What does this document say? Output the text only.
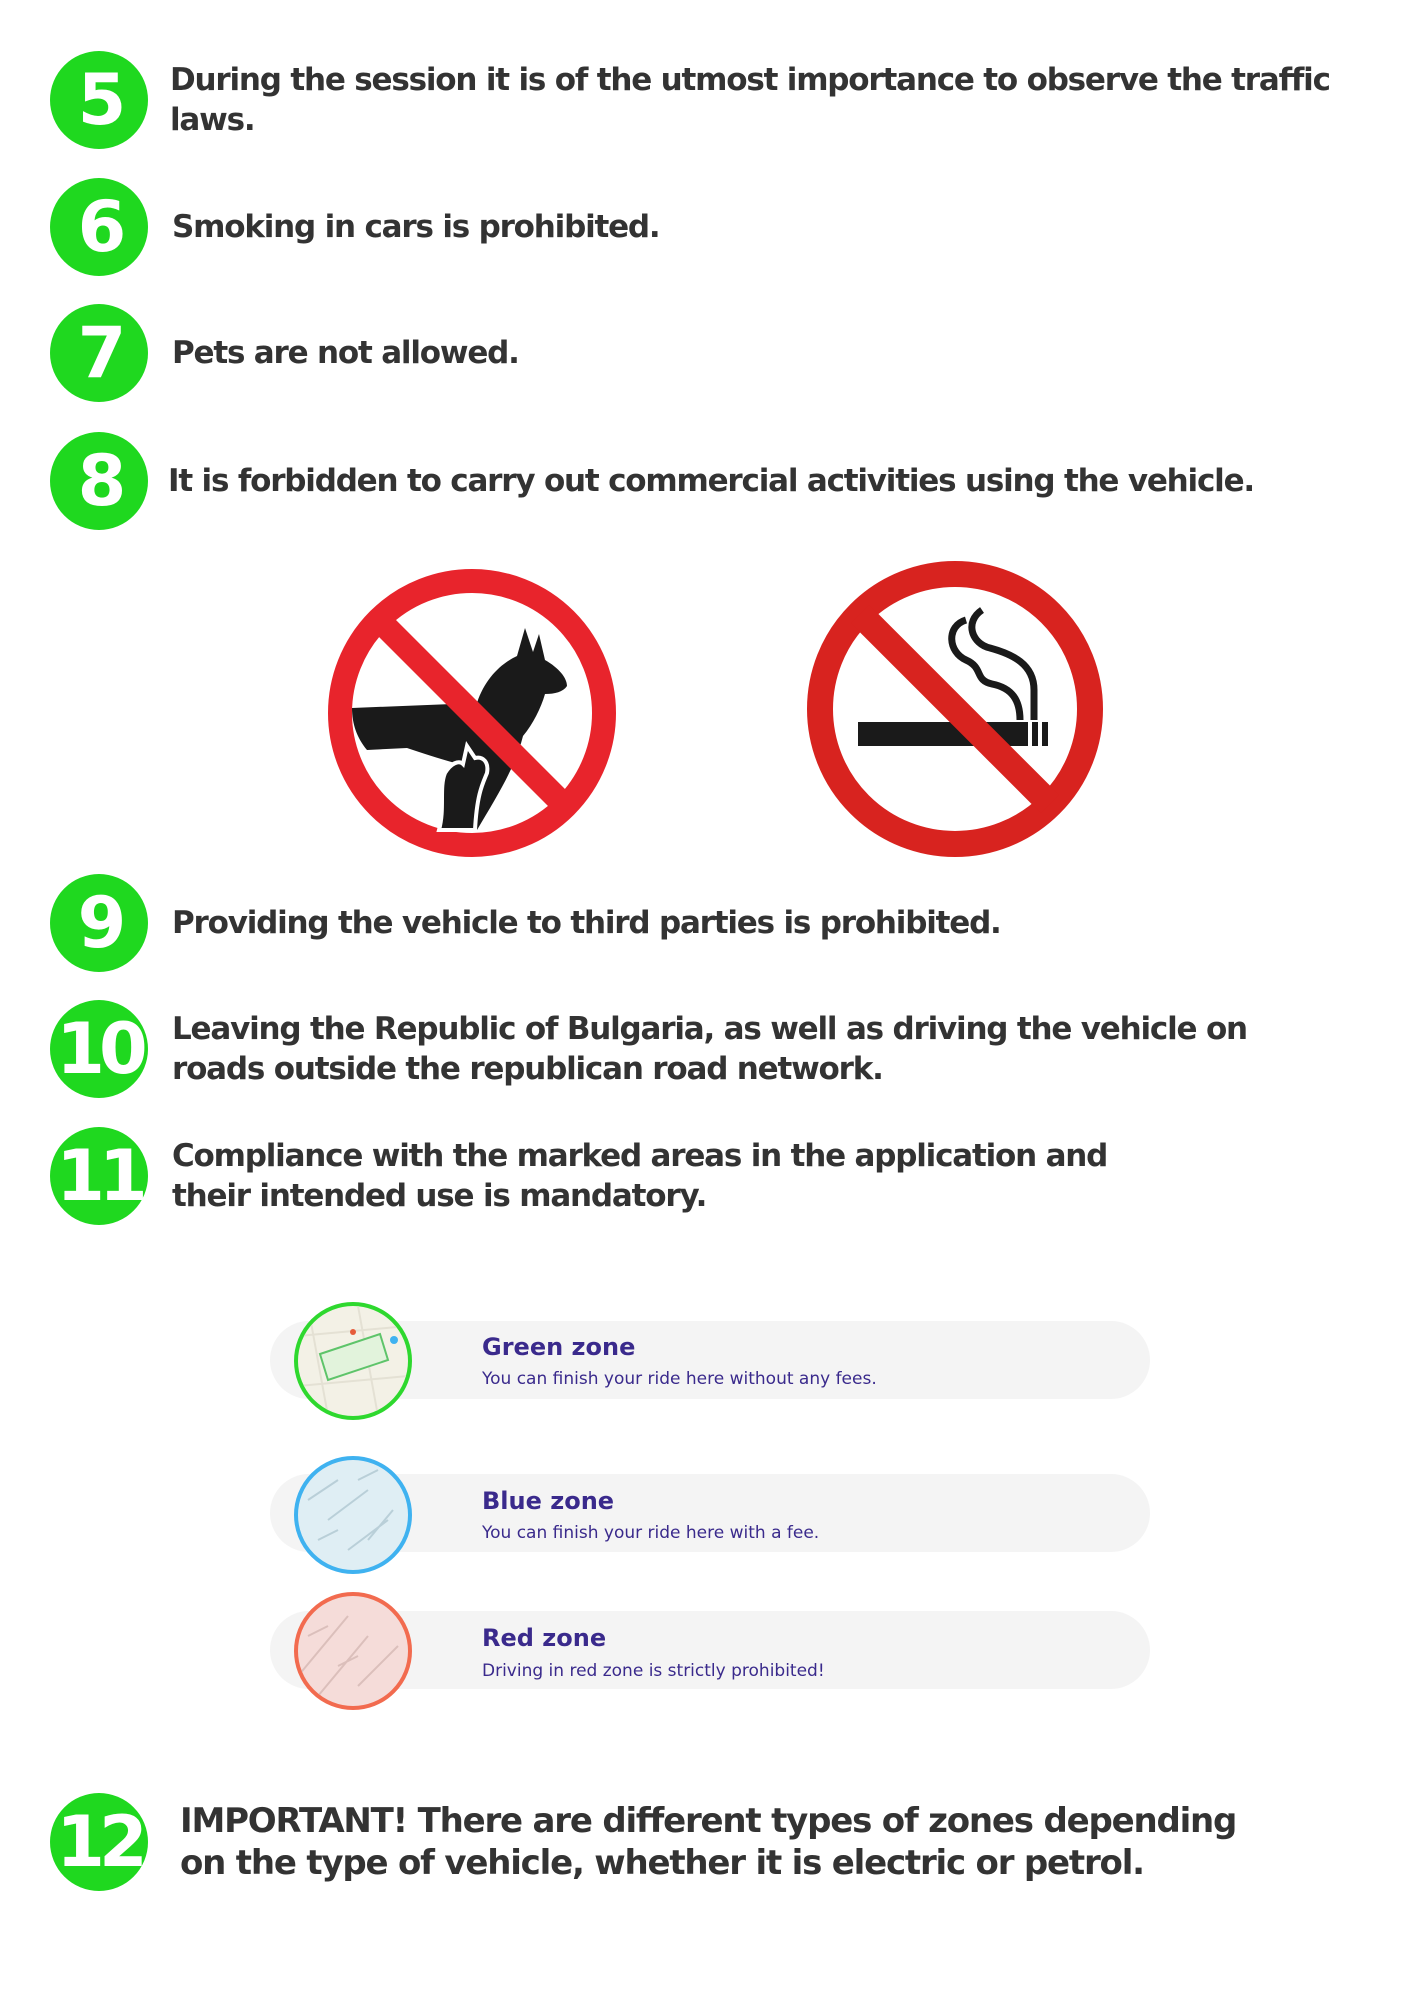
5	During the session it is of the utmost importance to observe the traffic laws.
6	Smoking in cars is prohibited.
7	Pets are not allowed.
8	It is forbidden to carry out commercial activities using the vehicle.
9	Providing the vehicle to third parties is prohibited.
10 Leaving the Republic of Bulgaria, as well as driving the vehicle on roads outside the republican road network.
11 Compliance with the marked areas in the application and their intended use is mandatory.
Green zone
You can finish your ride here without any fees.
Blue zone
You can finish your ride here with a fee.
Red zone
Driving in red zone is strictly prohibited!
12 IMPORTANT! There are different types of zones depending on the type of vehicle, whether it is electric or petrol.
